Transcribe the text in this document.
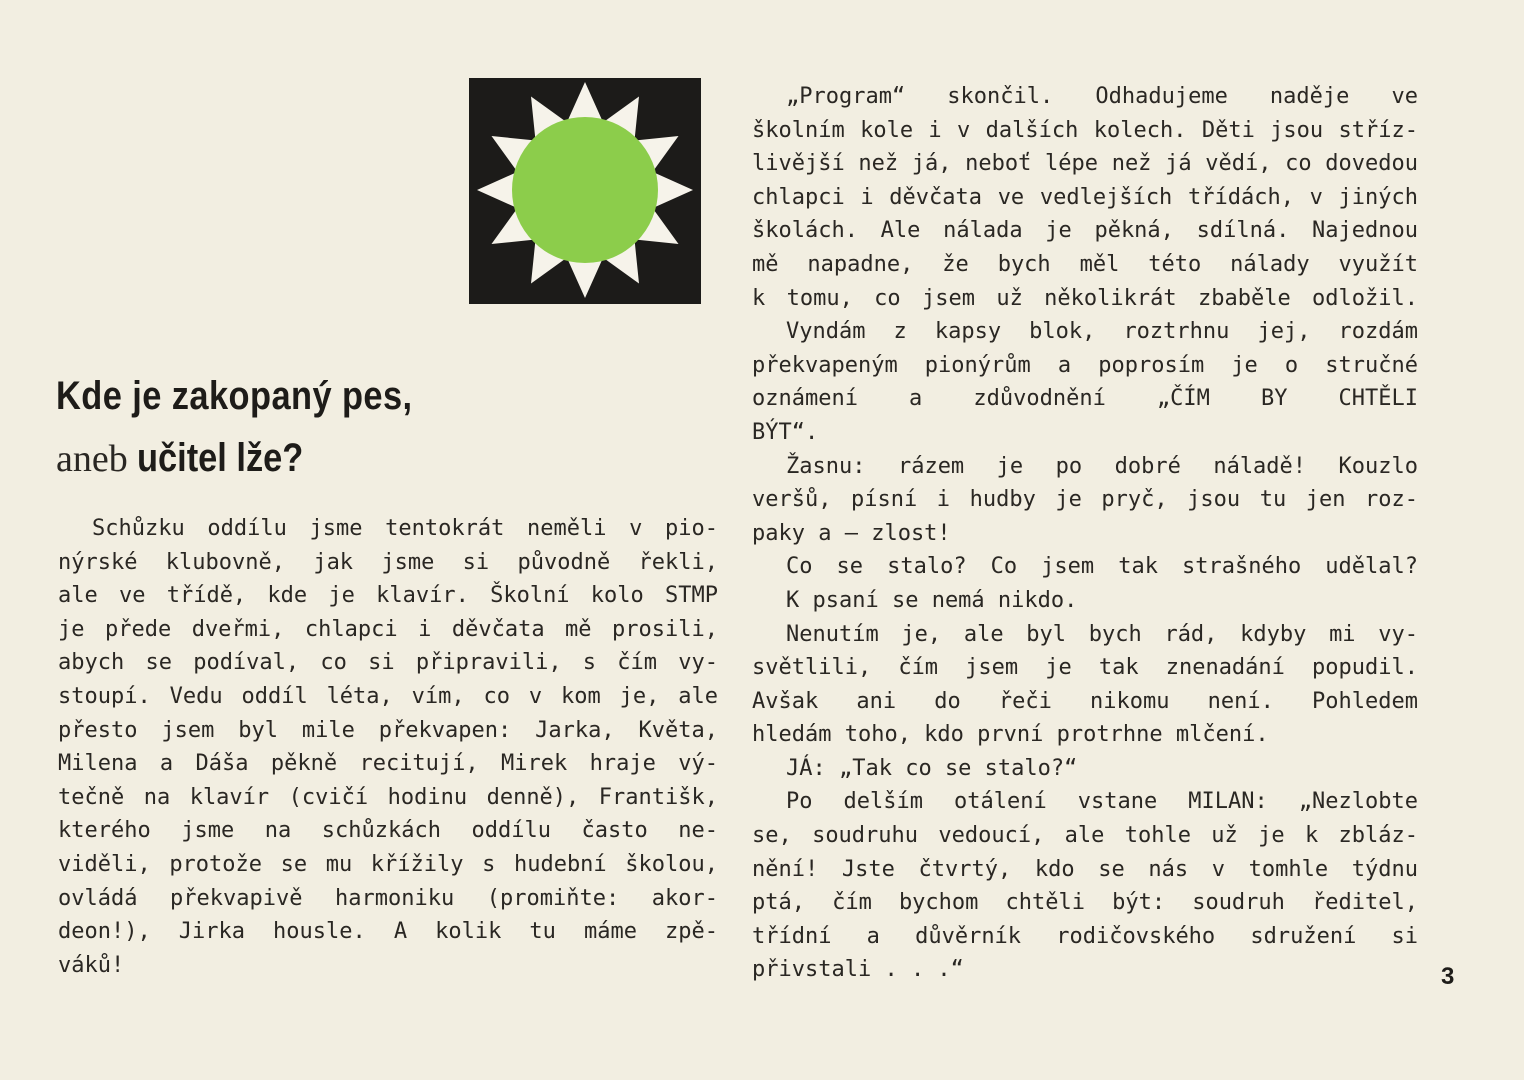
Kde je zakopaný pes,
aneb učitel lže?
Schůzku oddílu jsme tentokrát neměli v pio-
nýrské klubovně, jak jsme si původně řekli,
ale ve třídě, kde je klavír. Školní kolo STMP
je přede dveřmi, chlapci i děvčata mě prosili,
abych se podíval, co si připravili, s čím vy-
stoupí. Vedu oddíl léta, vím, co v kom je, ale
přesto jsem byl mile překvapen: Jarka, Květa,
Milena a Dáša pěkně recitují, Mirek hraje vý-
tečně na klavír (cvičí hodinu denně), Františk,
kterého jsme na schůzkách oddílu často ne-
viděli, protože se mu křížily s hudební školou,
ovládá překvapivě harmoniku (promiňte: akor-
deon!), Jirka housle. A kolik tu máme zpě-
váků!
„Program“ skončil. Odhadujeme naděje ve
školním kole i v dalších kolech. Děti jsou stříz-
livější než já, neboť lépe než já vědí, co dovedou
chlapci i děvčata ve vedlejších třídách, v jiných
školách. Ale nálada je pěkná, sdílná. Najednou
mě napadne, že bych měl této nálady využít
k tomu, co jsem už několikrát zbaběle odložil.
Vyndám z kapsy blok, roztrhnu jej, rozdám
překvapeným pionýrům a poprosím je o stručné
oznámení a zdůvodnění „ČÍM BY CHTĚLI
BÝT“.
Žasnu: rázem je po dobré náladě! Kouzlo
veršů, písní i hudby je pryč, jsou tu jen roz-
paky a — zlost!
Co se stalo? Co jsem tak strašného udělal?
K psaní se nemá nikdo.
Nenutím je, ale byl bych rád, kdyby mi vy-
světlili, čím jsem je tak znenadání popudil.
Avšak ani do řeči nikomu není. Pohledem
hledám toho, kdo první protrhne mlčení.
JÁ: „Tak co se stalo?“
Po delším otálení vstane MILAN: „Nezlobte
se, soudruhu vedoucí, ale tohle už je k zbláz-
nění! Jste čtvrtý, kdo se nás v tomhle týdnu
ptá, čím bychom chtěli být: soudruh ředitel,
třídní a důvěrník rodičovského sdružení si
přivstali . . .“	3
